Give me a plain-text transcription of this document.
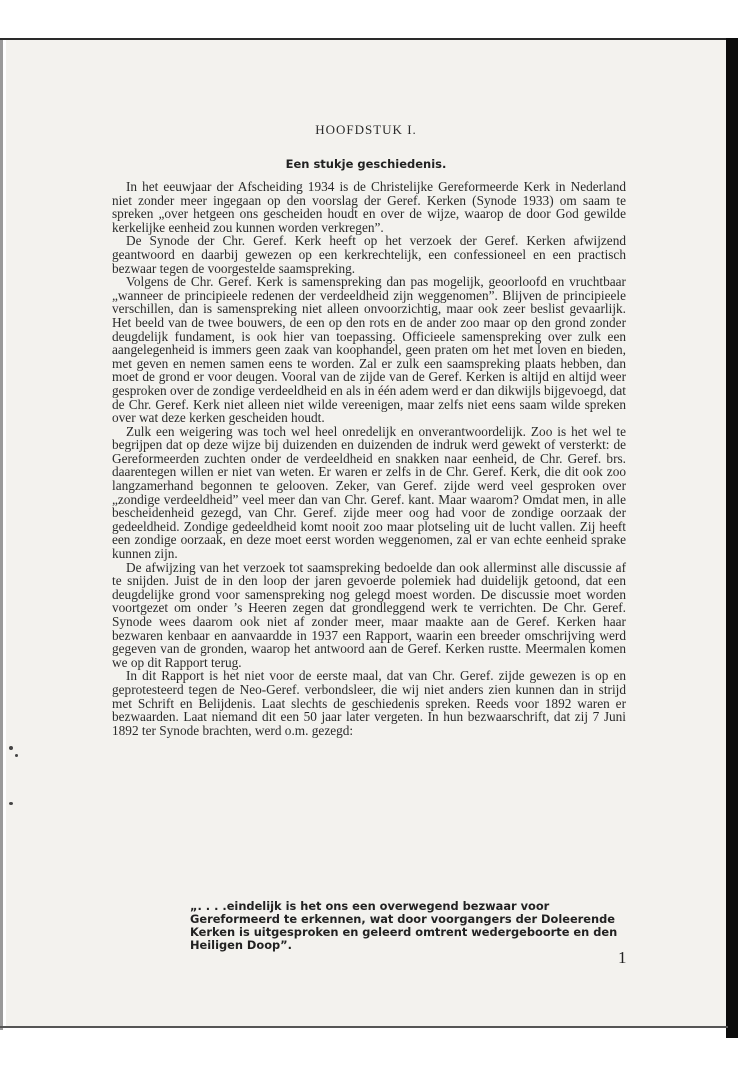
HOOFDSTUK I.
Een stukje geschiedenis.

In het eeuwjaar der Afscheiding 1934 is de Christelijke Gereformeerde Kerk in Nederland niet zonder meer ingegaan op den voorslag der Geref. Kerken (Synode 1933) om saam te spreken „over hetgeen ons gescheiden houdt en over de wijze, waarop de door God gewilde kerkelijke eenheid zou kunnen worden verkregen”.

De Synode der Chr. Geref. Kerk heeft op het verzoek der Geref. Kerken afwijzend geantwoord en daarbij gewezen op een kerkrechtelijk, een confessioneel en een practisch bezwaar tegen de voorgestelde saamspreking.

Volgens de Chr. Geref. Kerk is samenspreking dan pas mogelijk, geoorloofd en vruchtbaar „wanneer de principieele redenen der verdeeldheid zijn weggenomen”. Blijven de principieele verschillen, dan is samenspreking niet alleen onvoorzichtig, maar ook zeer beslist gevaarlijk. Het beeld van de twee bouwers, de een op den rots en de ander zoo maar op den grond zonder deugdelijk fundament, is ook hier van toepassing. Officieele samenspreking over zulk een aangelegenheid is immers geen zaak van koophandel, geen praten om het met loven en bieden, met geven en nemen samen eens te worden. Zal er zulk een saamspreking plaats hebben, dan moet de grond er voor deugen. Vooral van de zijde van de Geref. Kerken is altijd en altijd weer gesproken over de zondige verdeeldheid en als in één adem werd er dan dikwijls bijgevoegd, dat de Chr. Geref. Kerk niet alleen niet wilde vereenigen, maar zelfs niet eens saam wilde spreken over wat deze kerken gescheiden houdt.

Zulk een weigering was toch wel heel onredelijk en onverantwoordelijk. Zoo is het wel te begrijpen dat op deze wijze bij duizenden en duizenden de indruk werd gewekt of versterkt: de Gereformeerden zuchten onder de verdeeldheid en snakken naar eenheid, de Chr. Geref. brs. daarentegen willen er niet van weten. Er waren er zelfs in de Chr. Geref. Kerk, die dit ook zoo langzamerhand begonnen te gelooven. Zeker, van Geref. zijde werd veel gesproken over „zondige verdeeldheid” veel meer dan van Chr. Geref. kant. Maar waarom? Omdat men, in alle bescheidenheid gezegd, van Chr. Geref. zijde meer oog had voor de zondige oorzaak der gedeeldheid. Zondige gedeeldheid komt nooit zoo maar plotseling uit de lucht vallen. Zij heeft een zondige oorzaak, en deze moet eerst worden weggenomen, zal er van echte eenheid sprake kunnen zijn.

De afwijzing van het verzoek tot saamspreking bedoelde dan ook allerminst alle discussie af te snijden. Juist de in den loop der jaren gevoerde polemiek had duidelijk getoond, dat een deugdelijke grond voor samenspreking nog gelegd moest worden. De discussie moet worden voortgezet om onder ’s Heeren zegen dat grondleggend werk te verrichten. De Chr. Geref. Synode wees daarom ook niet af zonder meer, maar maakte aan de Geref. Kerken haar bezwaren kenbaar en aanvaardde in 1937 een Rapport, waarin een breeder omschrijving werd gegeven van de gronden, waarop het antwoord aan de Geref. Kerken rustte. Meermalen komen we op dit Rapport terug.

In dit Rapport is het niet voor de eerste maal, dat van Chr. Geref. zijde gewezen is op en geprotesteerd tegen de Neo-Geref. verbondsleer, die wij niet anders zien kunnen dan in strijd met Schrift en Belijdenis. Laat slechts de geschiedenis spreken. Reeds voor 1892 waren er bezwaarden. Laat niemand dit een 50 jaar later vergeten. In hun bezwaarschrift, dat zij 7 Juni 1892 ter Synode brachten, werd o.m. gezegd:

„. . . .eindelijk is het ons een overwegend bezwaar voor Gereformeerd te erkennen, wat door voorgangers der Doleerende Kerken is uitgesproken en geleerd omtrent wedergeboorte en den Heiligen Doop”.
1
